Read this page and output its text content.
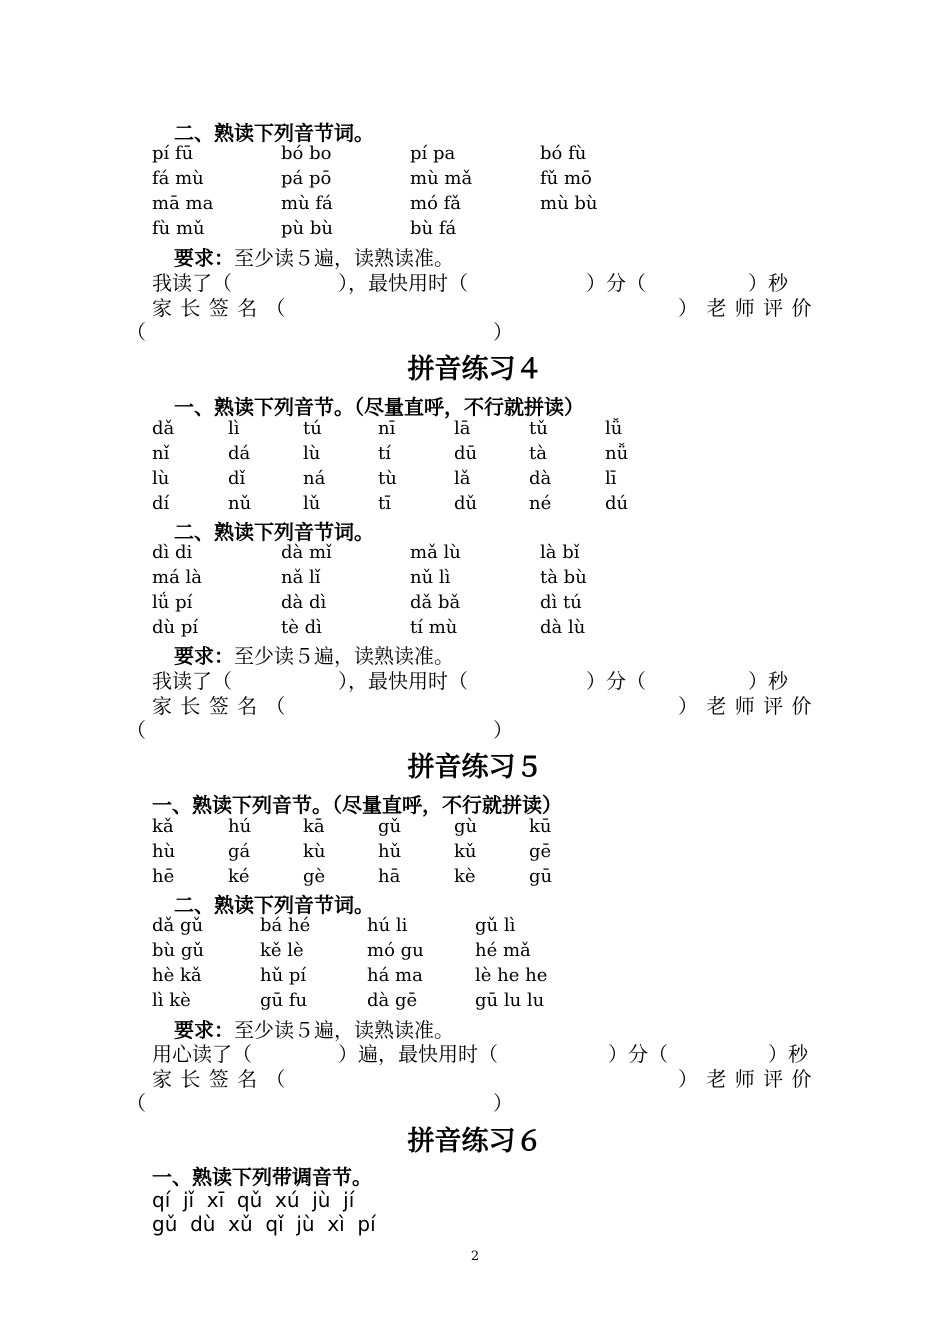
二、熟读下列音节词。
pí fū	bó bo	pí pa	bó fù
fá mù	pá pō	mù mǎ	fǔ mō
mā ma	mù fá	mó fǎ	mù bù
fù mǔ	pù bù	bù fá
要求：至少读５遍，读熟读准。
我读了（	），最快用时（	）分（	）秒
家 长 签 名 （	） 老 师 评 价
（	）
拼音练习４
一、熟读下列音节。（尽量直呼，不行就拼读）
dǎ	lì	tú	nī	lā	tǔ	lǚ
nǐ	dá	lù	tí	dū	tà	nǚ
lù	dǐ	ná	tù	lǎ	dà	lī
dí	nǔ	lǔ	tī	dǔ	né	dú
二、熟读下列音节词。
dì di	dà mǐ	mǎ lù	là bǐ
má là	nǎ lǐ	nǔ lì	tà bù
lǘ pí	dà dì	dǎ bǎ	dì tú
dù pí	tè dì	tí mù	dà lù
要求：至少读５遍，读熟读准。
我读了（	），最快用时（	）分（	）秒
家 长 签 名 （	） 老 师 评 价
（	）
拼音练习５
一、熟读下列音节。（尽量直呼，不行就拼读）
kǎ	hú	kā	gǔ	gù	kū
hù	gá	kù	hǔ	kǔ	gē
hē	ké	gè	hā	kè	gū
二、熟读下列音节词。
dǎ gǔ	bá hé	hú li	gǔ lì
bù gǔ	kě lè	mó gu	hé mǎ
hè kǎ	hǔ pí	há ma	lè he he
lì kè	gū fu	dà gē	gū lu lu
要求：至少读５遍，读熟读准。
用心读了（	）遍，最快用时（	）分（	）秒
家 长 签 名 （	） 老 师 评 价
（	）
拼音练习６
一、熟读下列带调音节。
qí  jǐ  xī  qǔ  xú  jù  jí
gǔ  dù  xǔ  qǐ  jù  xì  pí
2
